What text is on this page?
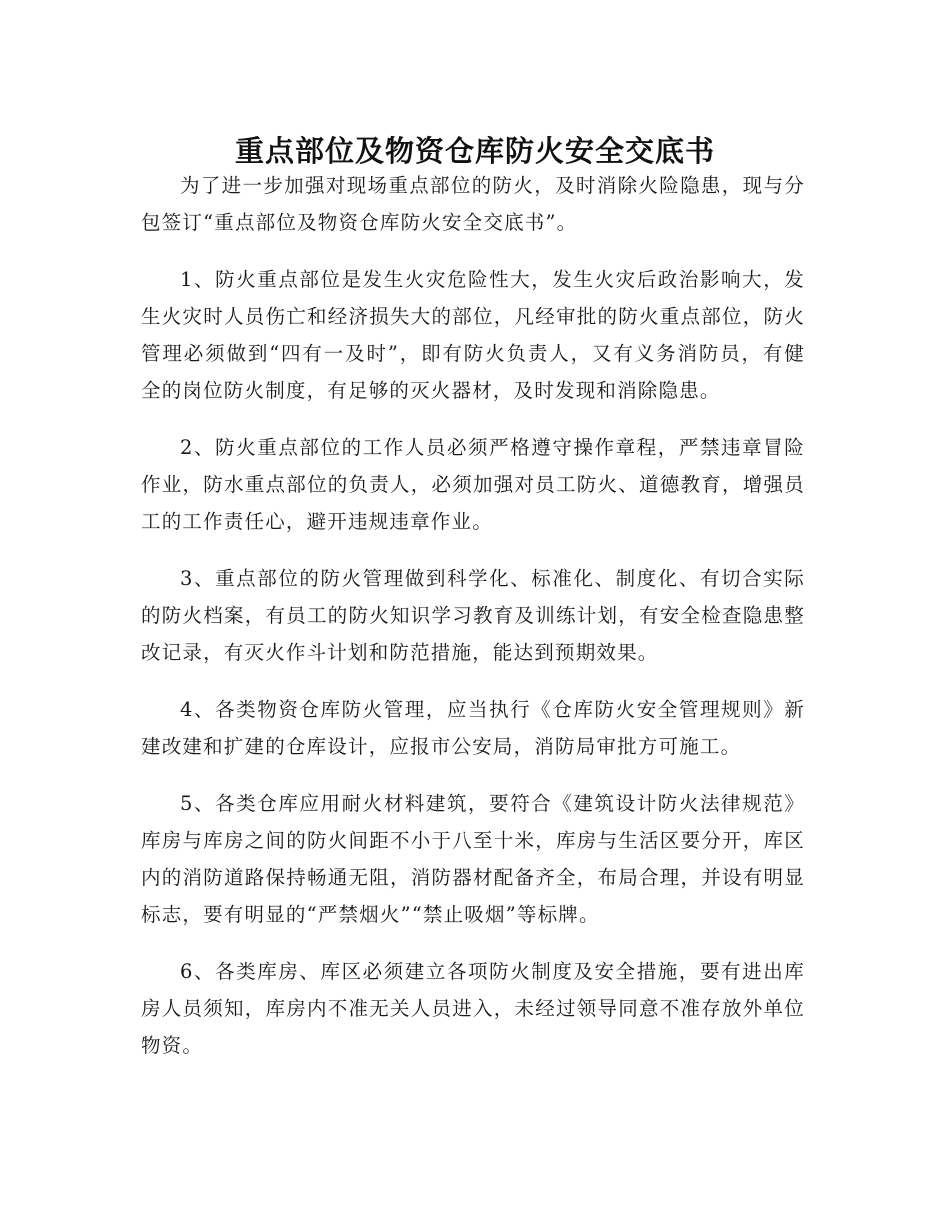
重点部位及物资仓库防火安全交底书

为了进一步加强对现场重点部位的防火，及时消除火险隐患，现与分包签订“重点部位及物资仓库防火安全交底书”。

1、防火重点部位是发生火灾危险性大，发生火灾后政治影响大，发生火灾时人员伤亡和经济损失大的部位，凡经审批的防火重点部位，防火管理必须做到“四有一及时”，即有防火负责人，又有义务消防员，有健全的岗位防火制度，有足够的灭火器材，及时发现和消除隐患。

2、防火重点部位的工作人员必须严格遵守操作章程，严禁违章冒险作业，防水重点部位的负责人，必须加强对员工防火、道德教育，增强员工的工作责任心，避开违规违章作业。

3、重点部位的防火管理做到科学化、标准化、制度化、有切合实际的防火档案，有员工的防火知识学习教育及训练计划，有安全检查隐患整改记录，有灭火作斗计划和防范措施，能达到预期效果。

4、各类物资仓库防火管理，应当执行《仓库防火安全管理规则》新建改建和扩建的仓库设计，应报市公安局，消防局审批方可施工。

5、各类仓库应用耐火材料建筑，要符合《建筑设计防火法律规范》库房与库房之间的防火间距不小于八至十米，库房与生活区要分开，库区内的消防道路保持畅通无阻，消防器材配备齐全，布局合理，并设有明显标志，要有明显的“严禁烟火”“禁止吸烟”等标牌。

6、各类库房、库区必须建立各项防火制度及安全措施，要有进出库房人员须知，库房内不准无关人员进入，未经过领导同意不准存放外单位物资。
